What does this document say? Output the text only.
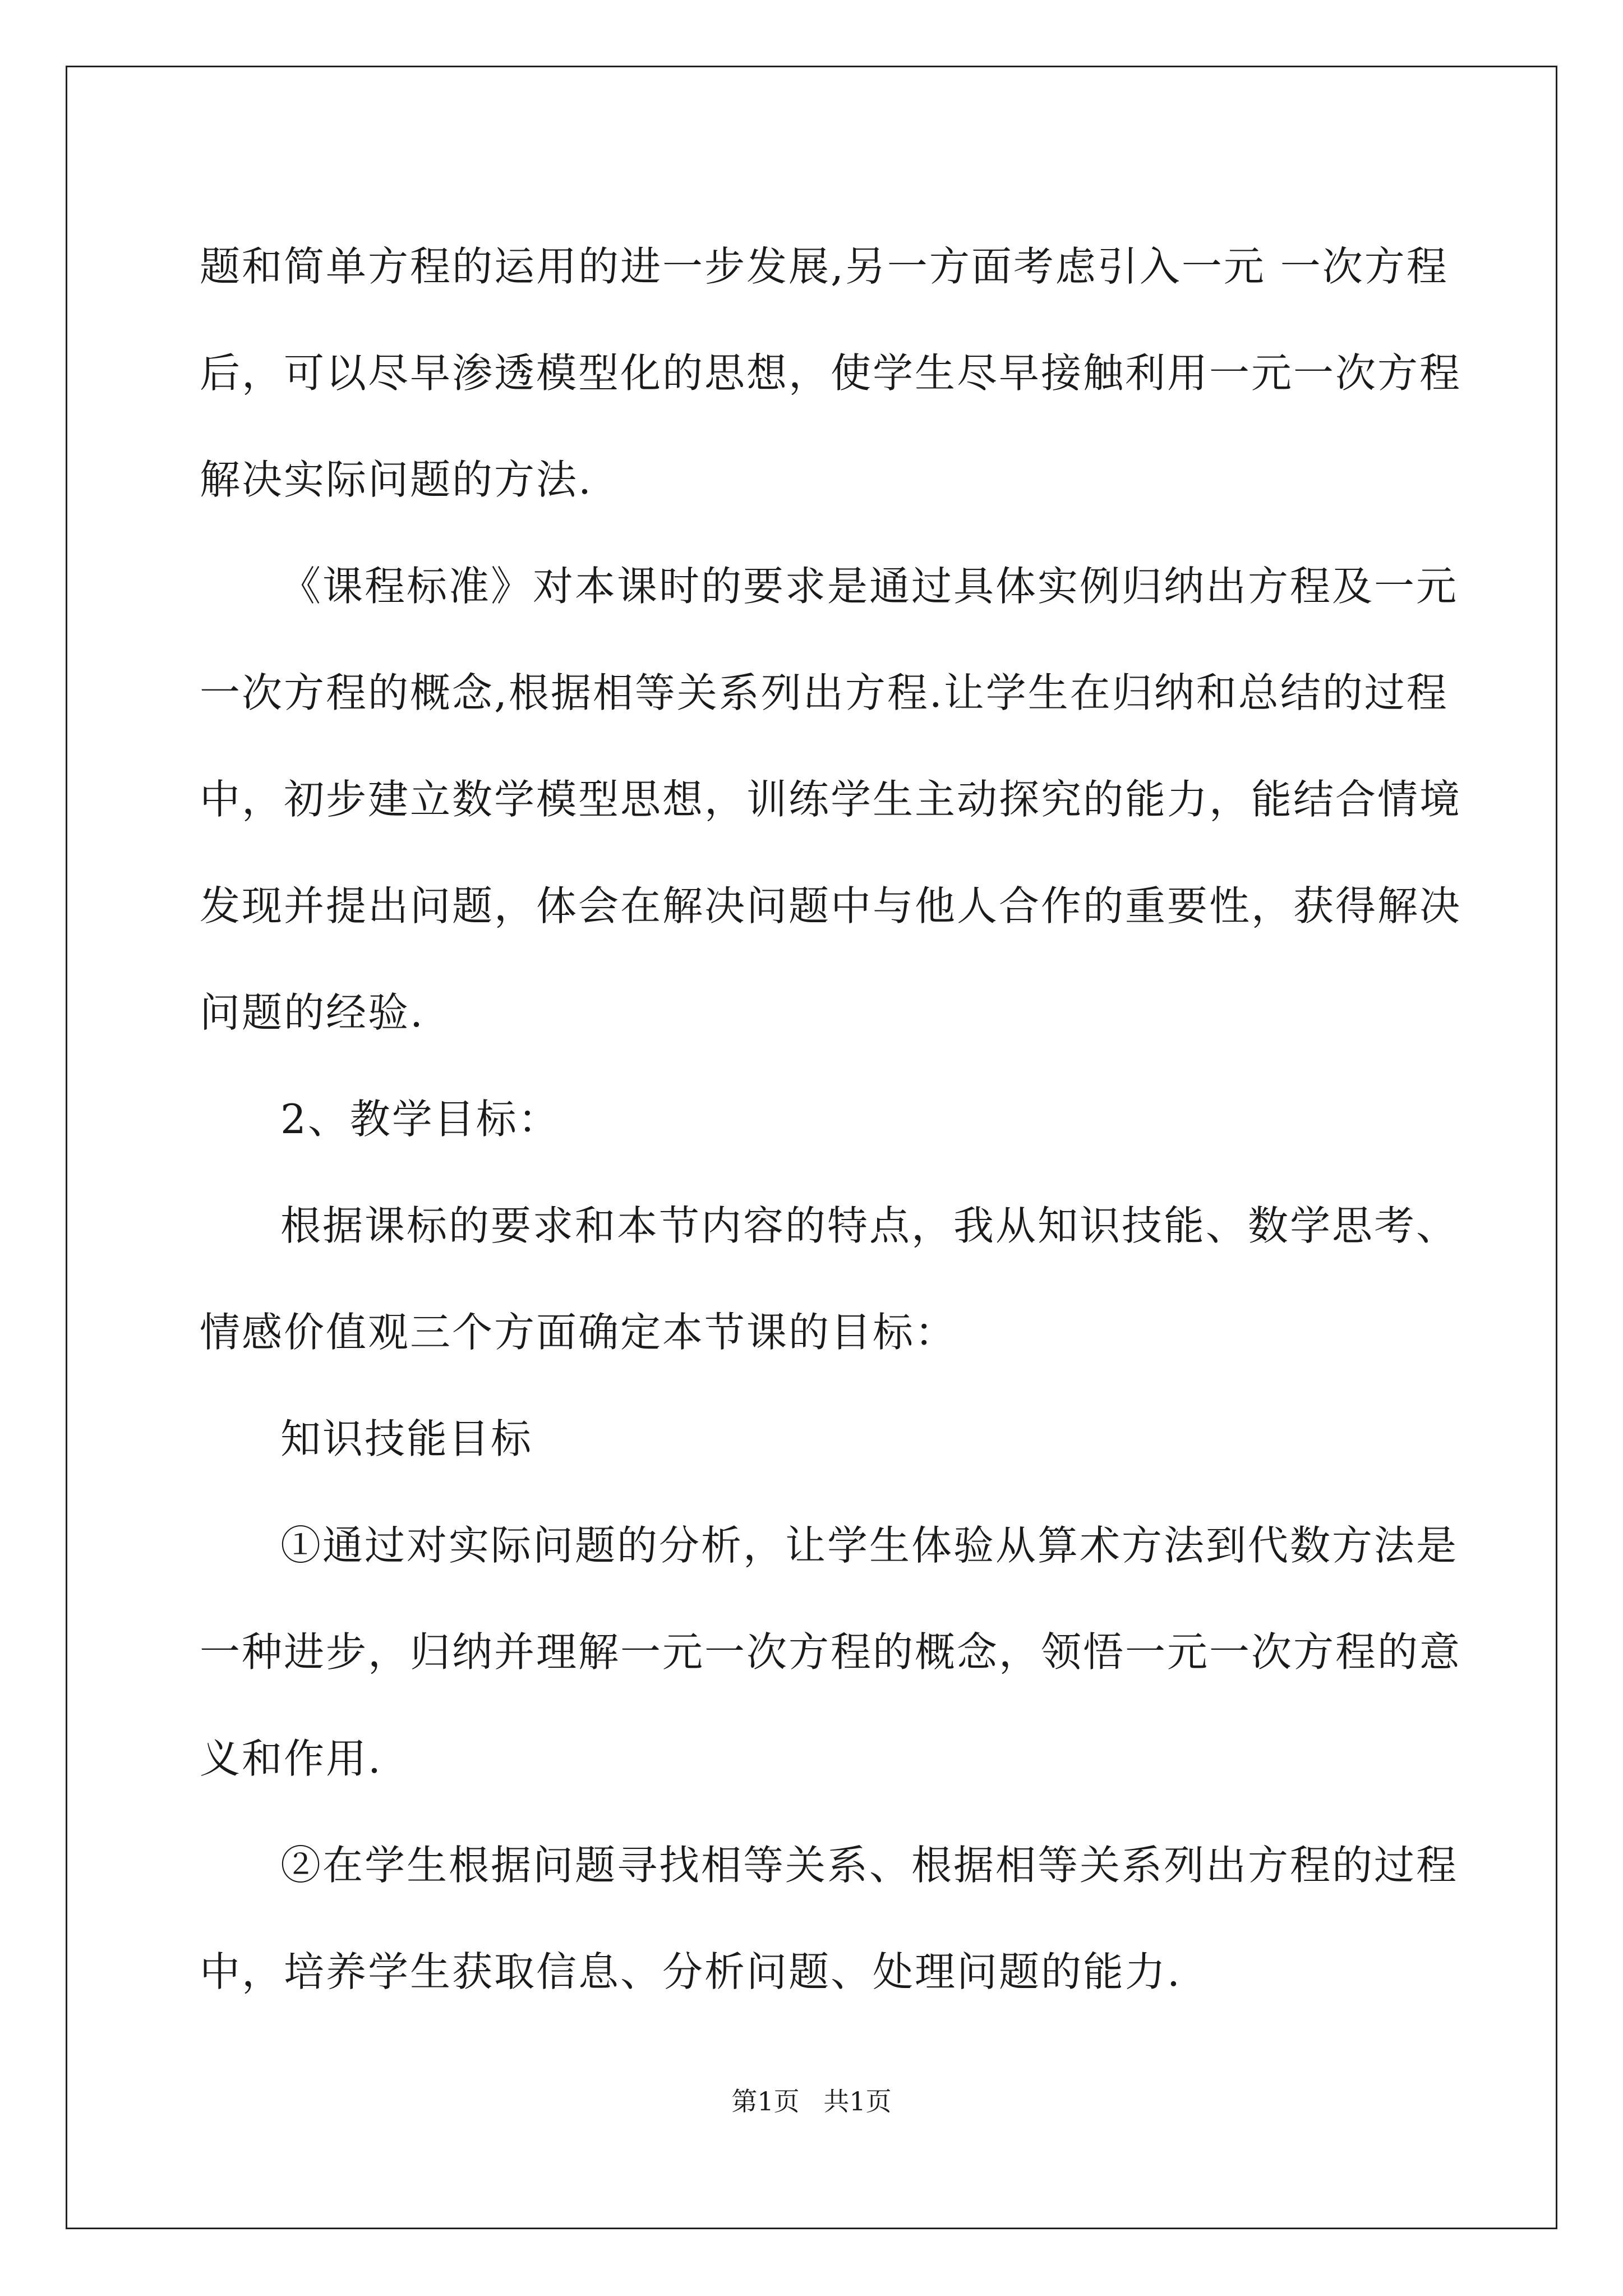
题和简单方程的运用的进一步发展,另一方面考虑引入一元 一次方程
后，可以尽早渗透模型化的思想，使学生尽早接触利用一元一次方程
解决实际问题的方法.
《课程标准》对本课时的要求是通过具体实例归纳出方程及一元
一次方程的概念,根据相等关系列出方程.让学生在归纳和总结的过程
中，初步建立数学模型思想，训练学生主动探究的能力，能结合情境
发现并提出问题，体会在解决问题中与他人合作的重要性，获得解决
问题的经验.
2、教学目标：
根据课标的要求和本节内容的特点，我从知识技能、数学思考、
情感价值观三个方面确定本节课的目标：
知识技能目标
①通过对实际问题的分析，让学生体验从算术方法到代数方法是
一种进步，归纳并理解一元一次方程的概念，领悟一元一次方程的意
义和作用.
②在学生根据问题寻找相等关系、根据相等关系列出方程的过程
中，培养学生获取信息、分析问题、处理问题的能力.
第1页 共1页
